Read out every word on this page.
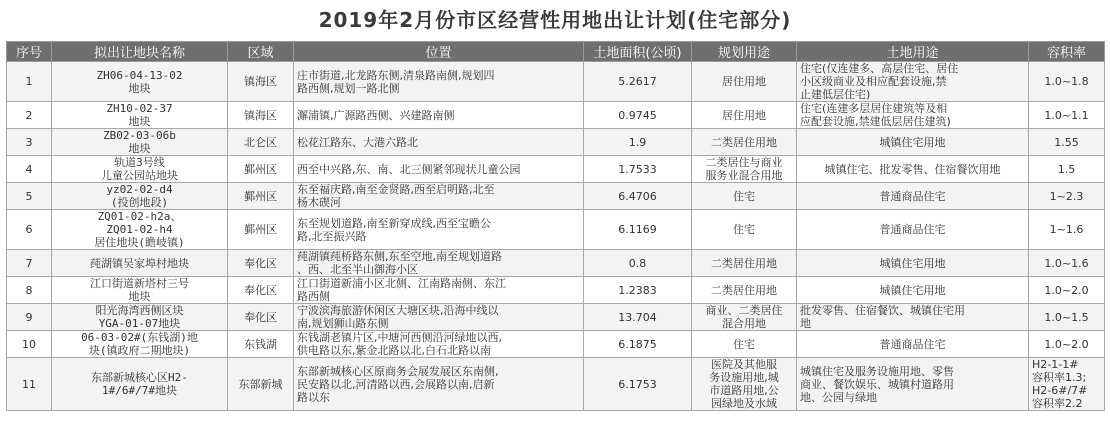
2019年2月份市区经营性用地出让计划(住宅部分)
序号	拟出让地块名称	区域	位置	土地面积(公顷)	规划用途	土地用途	容积率
1	ZH06-04-13-02
地块	镇海区	庄市街道,北龙路东侧,清泉路南侧,规划四
路西侧,规划一路北侧	5.2617	居住用地	住宅(仅连建多、高层住宅、居住
小区级商业及相应配套设施,禁
止建低层住宅)	1.0~1.8

2	ZH10-02-37
地块	镇海区	澥浦镇,广源路西侧、兴建路南侧	0.9745	居住用地	住宅(连建多层居住建筑等及相
应配套设施,禁建低层居住建筑)	1.0~1.1

3	ZB02-03-06b
地块	北仑区	松花江路东、大港六路北	1.9	二类居住用地	城镇住宅用地	1.55

4	轨道3号线
儿童公园站地块	鄞州区	西至中兴路,东、南、北三侧紧邻现状儿童公园	1.7533	二类居住与商业
服务业混合用地	城镇住宅、批发零售、住宿餐饮用地	1.5

5	yz02-02-d4
(投创地段)	鄞州区	东至福庆路,南至金贤路,西至启明路,北至
杨木碶河	6.4706	住宅	普通商品住宅	1~2.3

6	ZQ01-02-h2a、
ZQ01-02-h4
居住地块(瞻岐镇)	鄞州区	东至规划道路,南至新穿成线,西至宝瞻公
路,北至振兴路	6.1169	住宅	普通商品住宅	1~1.6

7	莼湖镇吴家埠村地块	奉化区	莼湖镇莼桥路东侧,东至空地,南至规划道路
、西、北至半山御海小区	0.8	二类居住用地	城镇住宅用地	1.0~1.6

8	江口街道新塔村三号
地块	奉化区	江口街道新浦小区北侧、江南路南侧、东江
路西侧	1.2383	二类居住用地	城镇住宅用地	1.0~2.0

9	阳光海湾西侧区块
YGA-01-07地块	奉化区	宁波滨海旅游休闲区大塘区块,沿海中线以
南,规划狮山路东侧	13.704	商业、二类居住
混合用地	批发零售、住宿餐饮、城镇住宅用
地	1.0~1.5

10	06-03-02#(东钱湖)地
块(镇政府二期地块)	东钱湖	东钱湖老镇片区,中塘河西侧沿河绿地以西,
供电路以东,紫金北路以北,白石北路以南	6.1875	住宅	普通商品住宅	1.0~2.0

11	东部新城核心区H2-
1#/6#/7#地块	东部新城	东部新城核心区原商务会展发展区东南侧,
民安路以北,河清路以西,会展路以南,启新
路以东	6.1753	医院及其他服
务设施用地,城
市道路用地,公
园绿地及水域	城镇住宅及服务设施用地、零售
商业、餐饮娱乐、城镇村道路用
地、公园与绿地	H2-1-1#
容积率1.3;
H2-6#/7#
容积率2.2
